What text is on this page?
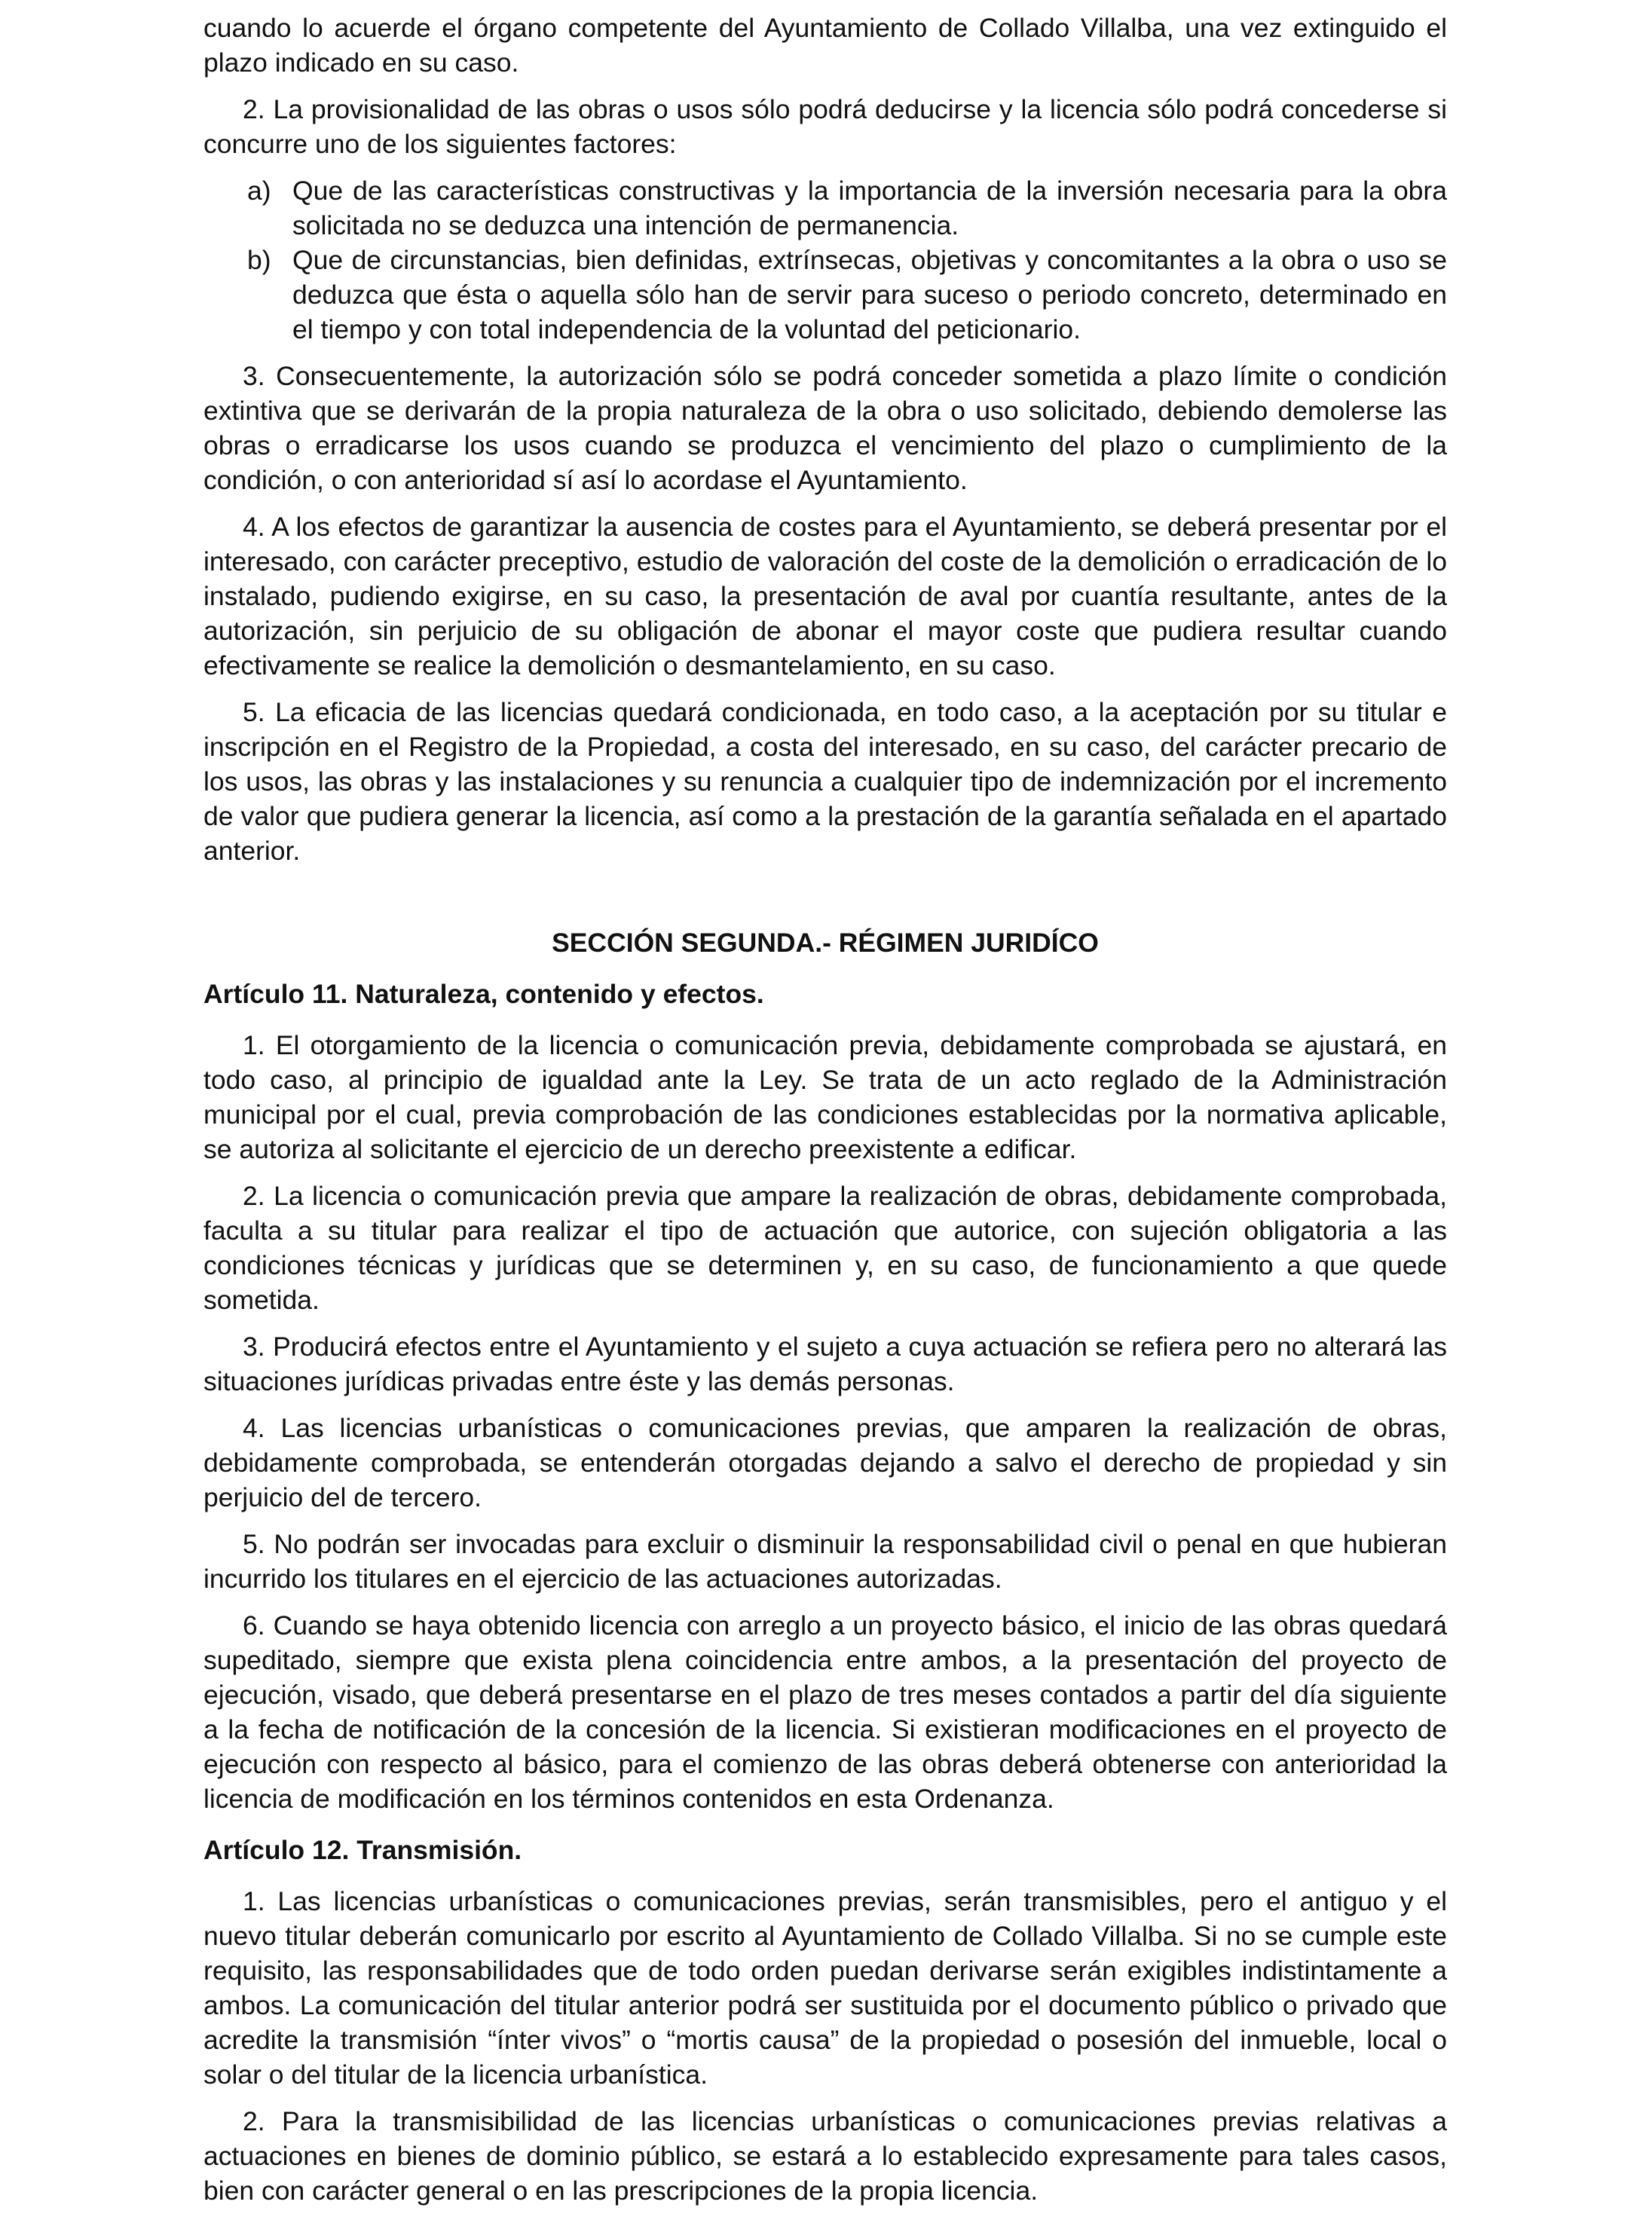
cuando lo acuerde el órgano competente del Ayuntamiento de Collado Villalba, una vez extinguido el plazo indicado en su caso.

2. La provisionalidad de las obras o usos sólo podrá deducirse y la licencia sólo podrá concederse si concurre uno de los siguientes factores:

a) Que de las características constructivas y la importancia de la inversión necesaria para la obra solicitada no se deduzca una intención de permanencia.
b) Que de circunstancias, bien definidas, extrínsecas, objetivas y concomitantes a la obra o uso se deduzca que ésta o aquella sólo han de servir para suceso o periodo concreto, determinado en el tiempo y con total independencia de la voluntad del peticionario.

3. Consecuentemente, la autorización sólo se podrá conceder sometida a plazo límite o condición extintiva que se derivarán de la propia naturaleza de la obra o uso solicitado, debiendo demolerse las obras o erradicarse los usos cuando se produzca el vencimiento del plazo o cumplimiento de la condición, o con anterioridad sí así lo acordase el Ayuntamiento.

4. A los efectos de garantizar la ausencia de costes para el Ayuntamiento, se deberá presentar por el interesado, con carácter preceptivo, estudio de valoración del coste de la demolición o erradicación de lo instalado, pudiendo exigirse, en su caso, la presentación de aval por cuantía resultante, antes de la autorización, sin perjuicio de su obligación de abonar el mayor coste que pudiera resultar cuando efectivamente se realice la demolición o desmantelamiento, en su caso.

5. La eficacia de las licencias quedará condicionada, en todo caso, a la aceptación por su titular e inscripción en el Registro de la Propiedad, a costa del interesado, en su caso, del carácter precario de los usos, las obras y las instalaciones y su renuncia a cualquier tipo de indemnización por el incremento de valor que pudiera generar la licencia, así como a la prestación de la garantía señalada en el apartado anterior.

SECCIÓN SEGUNDA.- RÉGIMEN JURIDÍCO
Artículo 11. Naturaleza, contenido y efectos.

1. El otorgamiento de la licencia o comunicación previa, debidamente comprobada se ajustará, en todo caso, al principio de igualdad ante la Ley. Se trata de un acto reglado de la Administración municipal por el cual, previa comprobación de las condiciones establecidas por la normativa aplicable, se autoriza al solicitante el ejercicio de un derecho preexistente a edificar.

2. La licencia o comunicación previa que ampare la realización de obras, debidamente comprobada, faculta a su titular para realizar el tipo de actuación que autorice, con sujeción obligatoria a las condiciones técnicas y jurídicas que se determinen y, en su caso, de funcionamiento a que quede sometida.

3. Producirá efectos entre el Ayuntamiento y el sujeto a cuya actuación se refiera pero no alterará las situaciones jurídicas privadas entre éste y las demás personas.

4. Las licencias urbanísticas o comunicaciones previas, que amparen la realización de obras, debidamente comprobada, se entenderán otorgadas dejando a salvo el derecho de propiedad y sin perjuicio del de tercero.

5. No podrán ser invocadas para excluir o disminuir la responsabilidad civil o penal en que hubieran incurrido los titulares en el ejercicio de las actuaciones autorizadas.

6. Cuando se haya obtenido licencia con arreglo a un proyecto básico, el inicio de las obras quedará supeditado, siempre que exista plena coincidencia entre ambos, a la presentación del proyecto de ejecución, visado, que deberá presentarse en el plazo de tres meses contados a partir del día siguiente a la fecha de notificación de la concesión de la licencia. Si existieran modificaciones en el proyecto de ejecución con respecto al básico, para el comienzo de las obras deberá obtenerse con anterioridad la licencia de modificación en los términos contenidos en esta Ordenanza.

Artículo 12. Transmisión.

1. Las licencias urbanísticas o comunicaciones previas, serán transmisibles, pero el antiguo y el nuevo titular deberán comunicarlo por escrito al Ayuntamiento de Collado Villalba. Si no se cumple este requisito, las responsabilidades que de todo orden puedan derivarse serán exigibles indistintamente a ambos. La comunicación del titular anterior podrá ser sustituida por el documento público o privado que acredite la transmisión “ínter vivos” o “mortis causa” de la propiedad o posesión del inmueble, local o solar o del titular de la licencia urbanística.

2. Para la transmisibilidad de las licencias urbanísticas o comunicaciones previas relativas a actuaciones en bienes de dominio público, se estará a lo establecido expresamente para tales casos, bien con carácter general o en las prescripciones de la propia licencia.
